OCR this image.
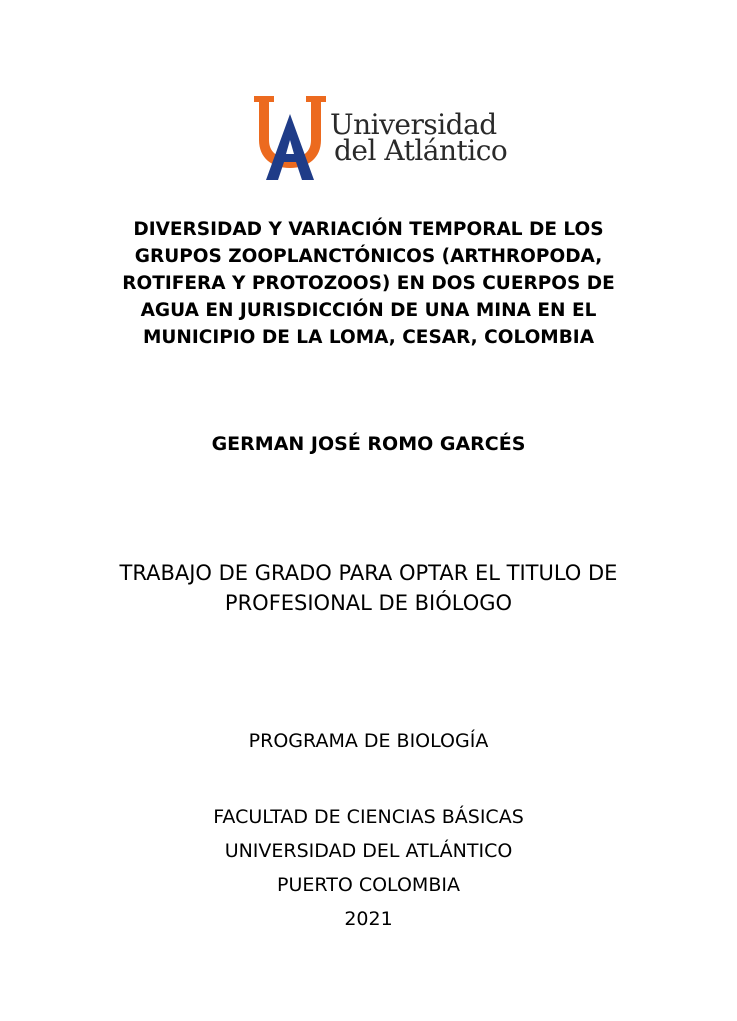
Universidad
del Atlántico
DIVERSIDAD Y VARIACIÓN TEMPORAL DE LOS
GRUPOS ZOOPLANCTÓNICOS (ARTHROPODA,
ROTIFERA Y PROTOZOOS) EN DOS CUERPOS DE
AGUA EN JURISDICCIÓN DE UNA MINA EN EL
MUNICIPIO DE LA LOMA, CESAR, COLOMBIA
GERMAN JOSÉ ROMO GARCÉS
TRABAJO DE GRADO PARA OPTAR EL TITULO DE
PROFESIONAL DE BIÓLOGO
PROGRAMA DE BIOLOGÍA
FACULTAD DE CIENCIAS BÁSICAS
UNIVERSIDAD DEL ATLÁNTICO
PUERTO COLOMBIA
2021
